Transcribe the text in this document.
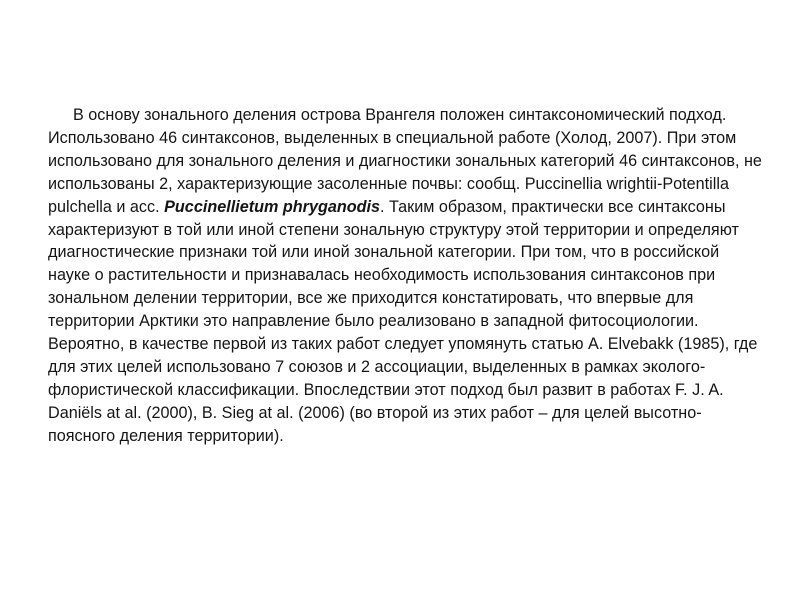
В основу зонального деления острова Врангеля положен синтаксономический подход. Использовано 46 синтаксонов, выделенных в специальной работе (Холод, 2007). При этом использовано для зонального деления и диагностики зональных категорий 46 синтаксонов, не использованы 2, характеризующие засоленные почвы: сообщ. Puccinellia wrightii-Potentilla pulchella и асс. Puccinellietum phryganodis. Таким образом, практически все синтаксоны характеризуют в той или иной степени зональную структуру этой территории и определяют диагностические признаки той или иной зональной категории. При том, что в российской науке о растительности и признавалась необходимость использования синтаксонов при зональном делении территории, все же приходится констатировать, что впервые для территории Арктики это направление было реализовано в западной фитосоциологии. Вероятно, в качестве первой из таких работ следует упомянуть статью A. Elvebakk (1985), где для этих целей использовано 7 союзов и 2 ассоциации, выделенных в рамках эколого-флористической классификации. Впоследствии этот подход был развит в работах F. J. A. Daniëls at al. (2000), B. Sieg at al. (2006) (во второй из этих работ – для целей высотно-поясного деления территории).
